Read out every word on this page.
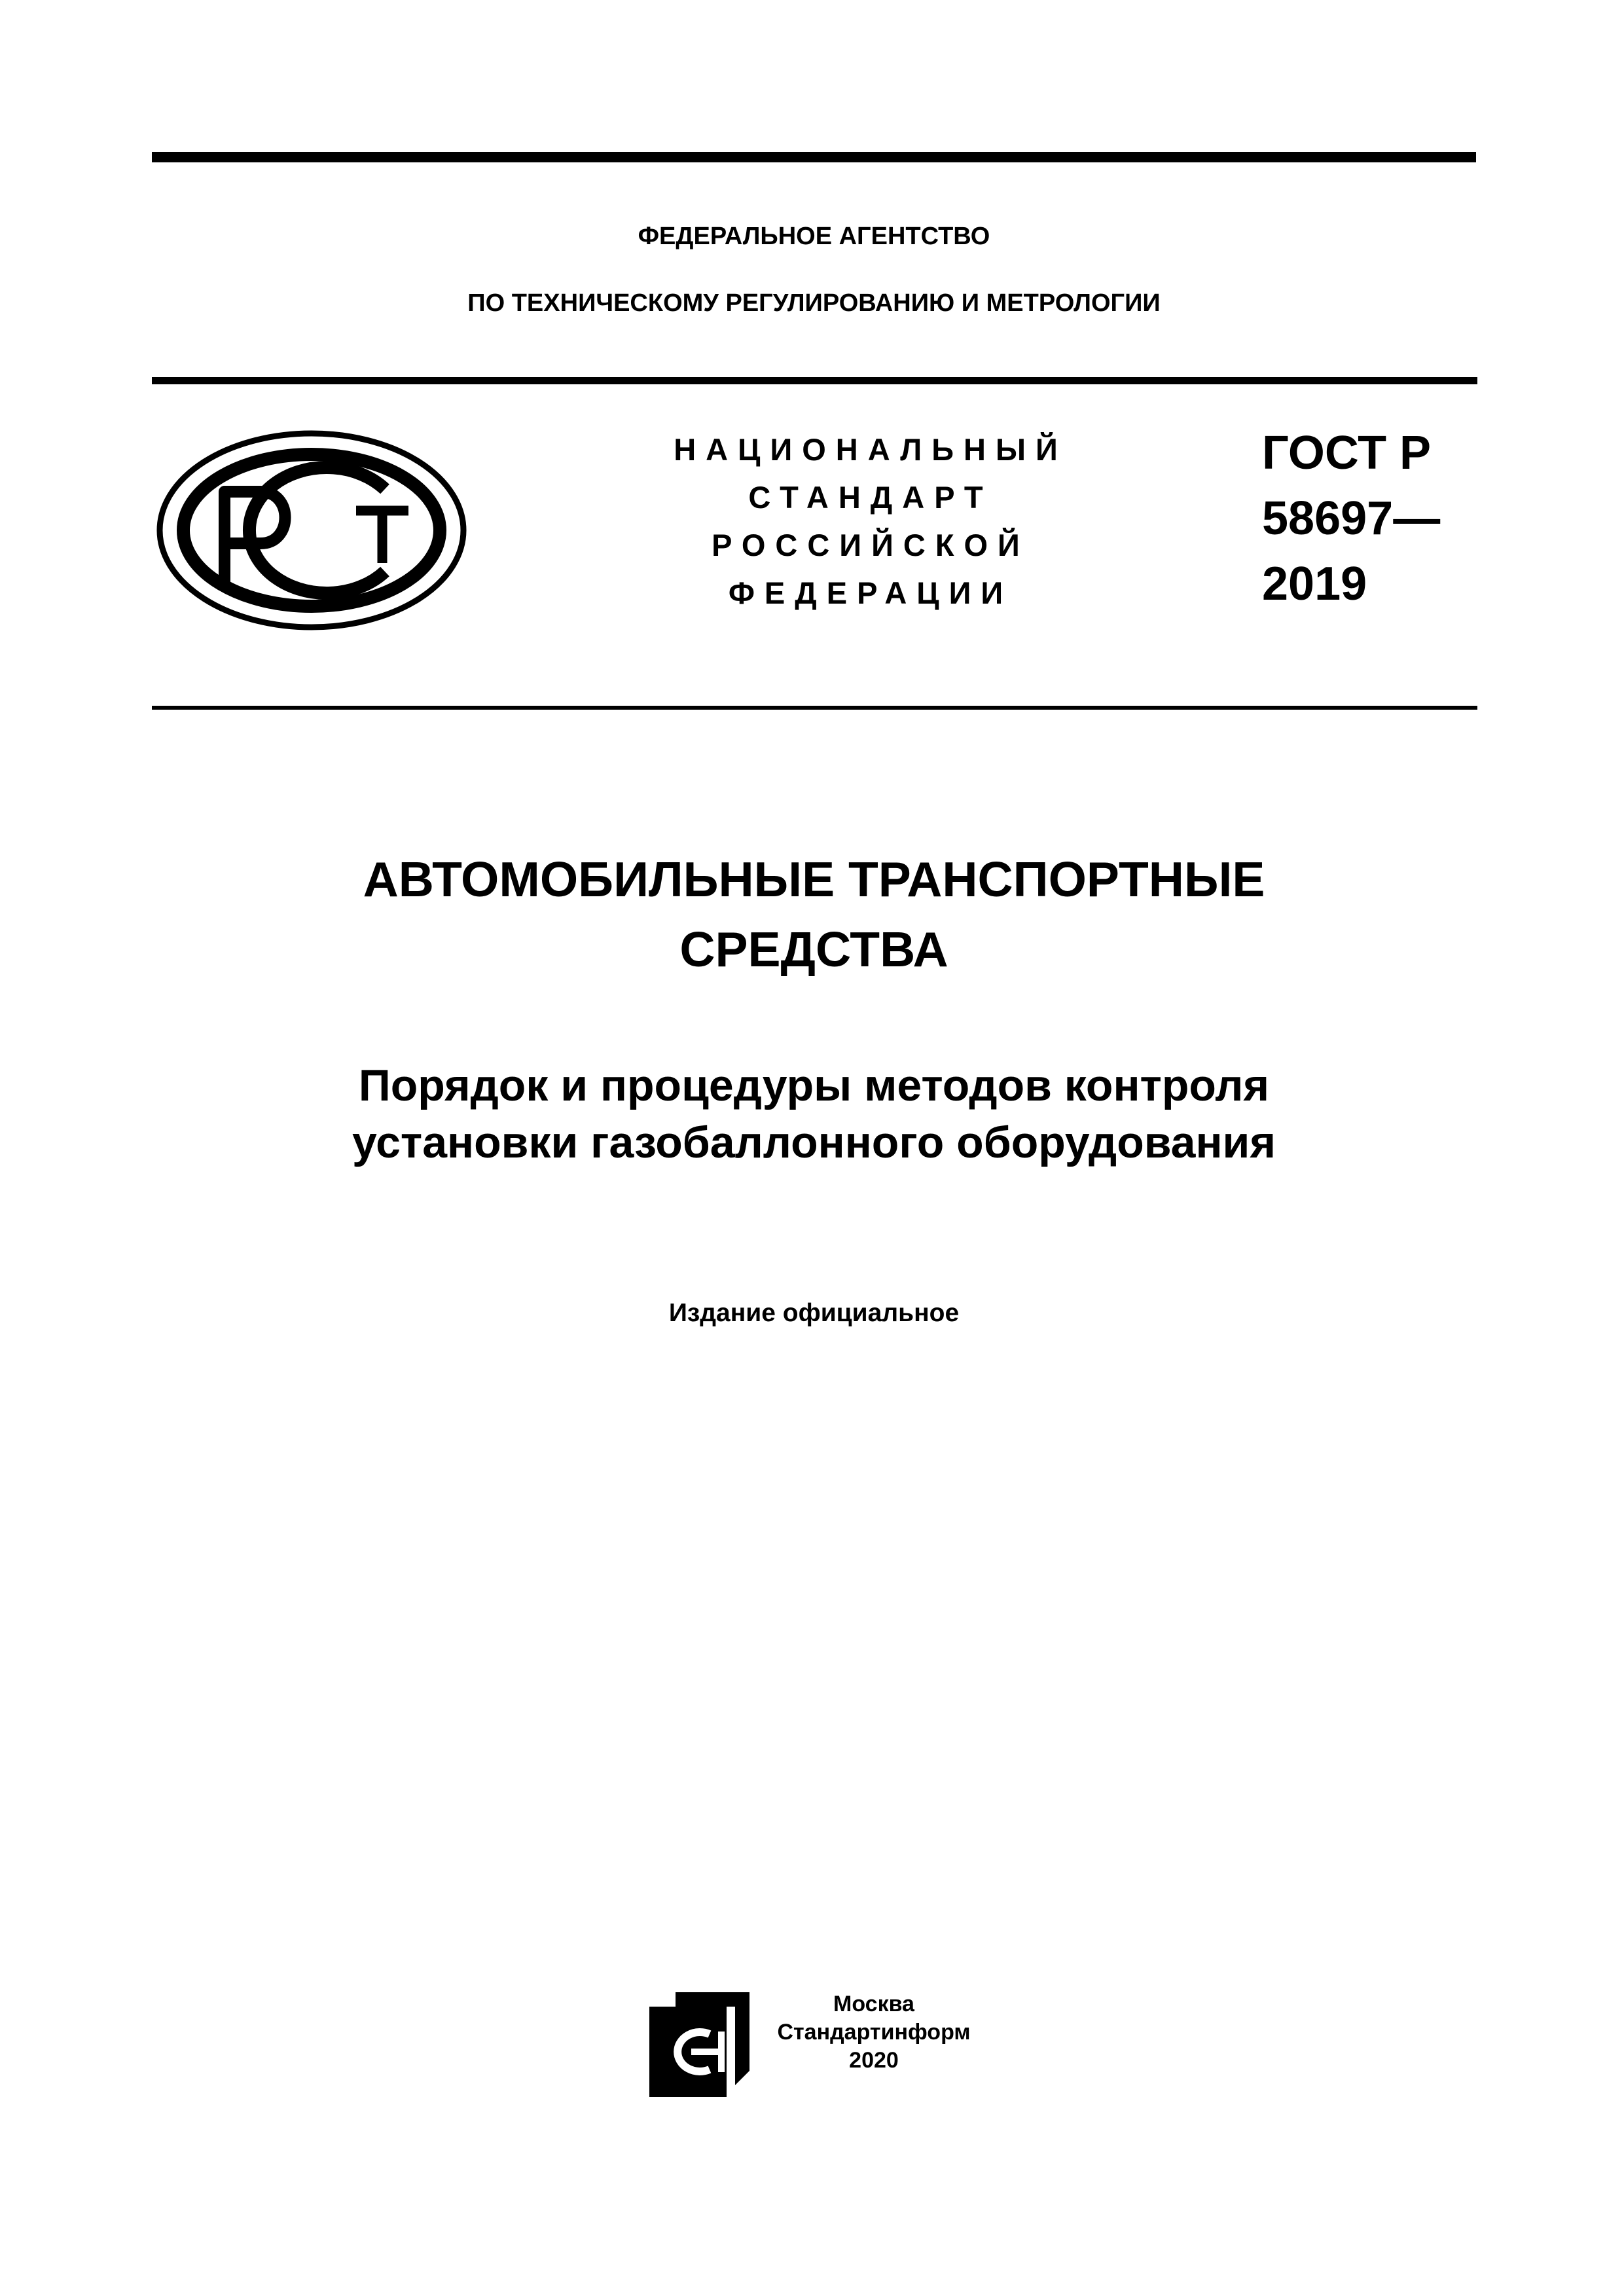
ФЕДЕРАЛЬНОЕ АГЕНТСТВО
ПО ТЕХНИЧЕСКОМУ РЕГУЛИРОВАНИЮ И МЕТРОЛОГИИ
НАЦИОНАЛЬНЫЙ
СТАНДАРТ
РОССИЙСКОЙ
ФЕДЕРАЦИИ
ГОСТ Р
58697—
2019
АВТОМОБИЛЬНЫЕ ТРАНСПОРТНЫЕ
СРЕДСТВА
Порядок и процедуры методов контроля
установки газобаллонного оборудования
Издание официальное
Москва
Стандартинформ
2020
